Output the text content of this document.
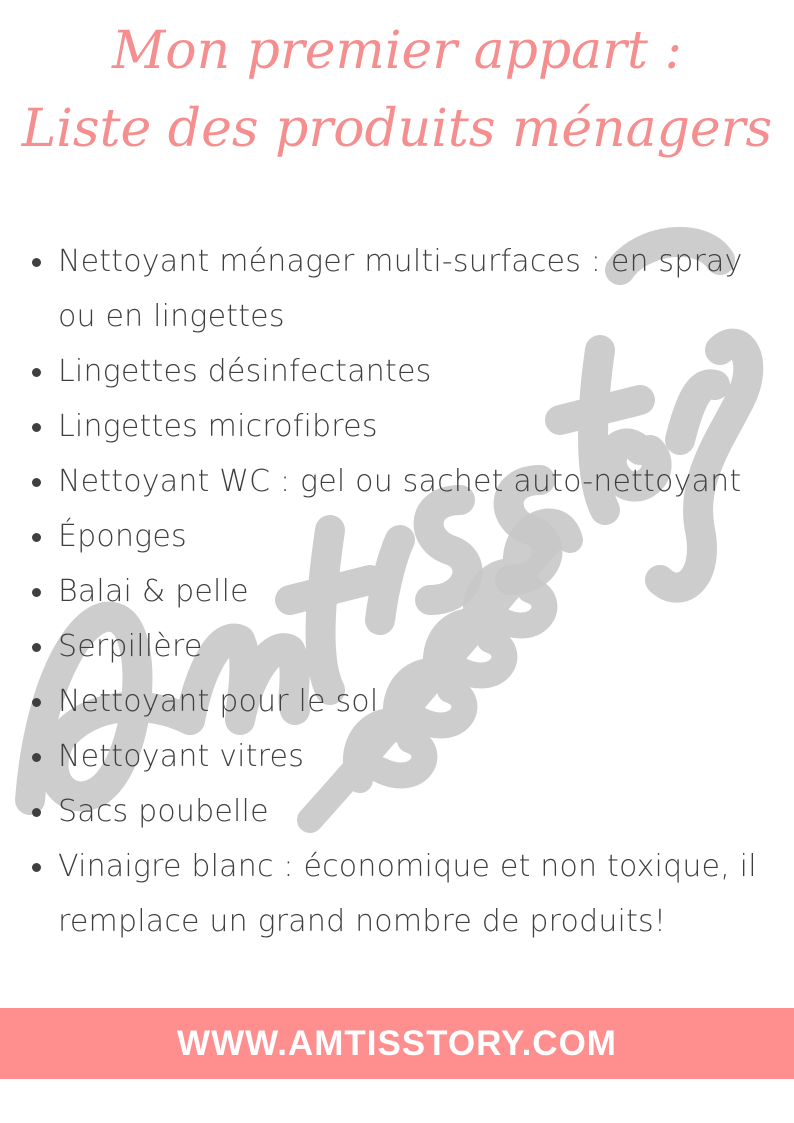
Mon premier appart :
Liste des produits ménagers
Nettoyant ménager multi-surfaces : en spray ou en lingettes
Lingettes désinfectantes
Lingettes microfibres
Nettoyant WC : gel ou sachet auto-nettoyant
Éponges
Balai & pelle
Serpillère
Nettoyant pour le sol
Nettoyant vitres
Sacs poubelle
Vinaigre blanc : économique et non toxique, il remplace un grand nombre de produits!
WWW.AMTISSTORY.COM
